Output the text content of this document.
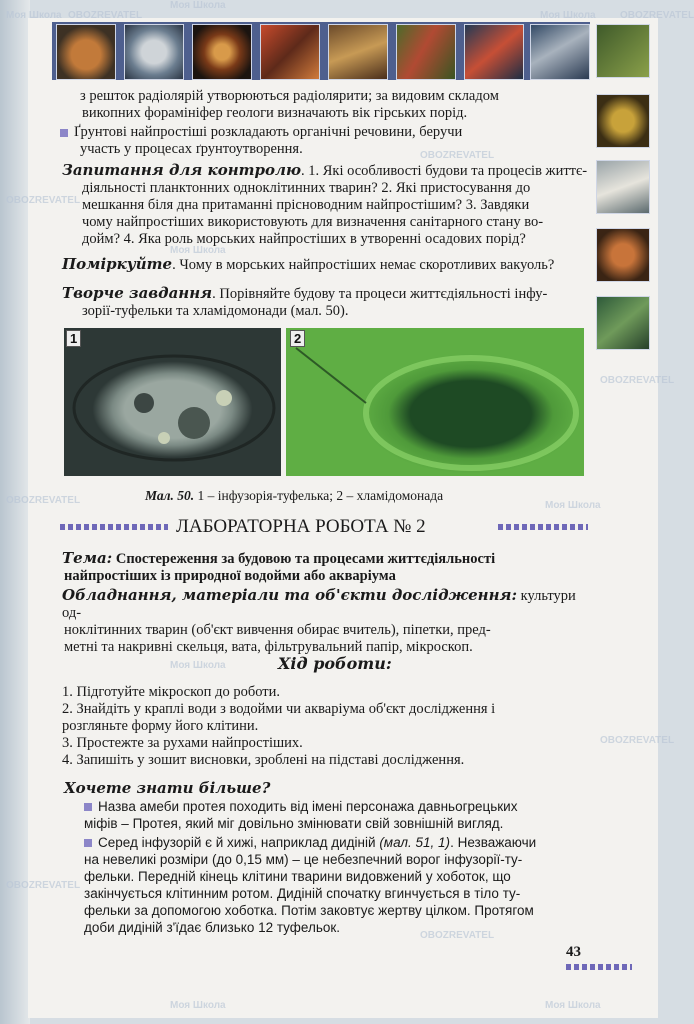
Моя Школа OBOZREVATEL
Моя Школа
Моя Школа OBOZREVATEL
OBOZREVATEL
OBOZREVATEL
Моя Школа
OBOZREVATEL
OBOZREVATEL	Моя Школа
Моя Школа
OBOZREVATEL
OBOZREVATEL
OBOZREVATEL
Моя Школа	Моя Школа
з решток радіолярій утворюються радіолярити; за видовим складом
викопних форамініфер геологи визначають вік гірських порід.
Ґрунтові найпростіші розкладають органічні речовини, беручи
участь у процесах ґрунтоутворення.
Запитання для контролю. 1. Які особливості будови та процесів життє-
діяльності планктонних одноклітинних тварин? 2. Які пристосування до
мешкання біля дна притаманні прісноводним найпростішим? 3. Завдяки
чому найпростіших використовують для визначення санітарного стану во-
дойм? 4. Яка роль морських найпростіших в утворенні осадових порід?
Поміркуйте. Чому в морських найпростіших немає скоротливих вакуоль?
Творче завдання. Порівняйте будову та процеси життєдіяльності інфу-
зорії-туфельки та хламідомонади (мал. 50).
1	2
Мал. 50. 1 – інфузорія-туфелька; 2 – хламідомонада
ЛАБОРАТОРНА РОБОТА № 2
Тема: Спостереження за будовою та процесами життєдіяльності
найпростіших із природної водойми або акваріума
Обладнання, матеріали та об'єкти дослідження: культури од-
ноклітинних тварин (об'єкт вивчення обирає вчитель), піпетки, пред-
метні та накривні скельця, вата, фільтрувальний папір, мікроскоп.
Хід роботи:
1. Підготуйте мікроскоп до роботи.
2. Знайдіть у краплі води з водойми чи акваріума об'єкт дослідження і
розгляньте форму його клітини.
3. Простежте за рухами найпростіших.
4. Запишіть у зошит висновки, зроблені на підставі дослідження.
Хочете знати більше?
Назва амеби протея походить від імені персонажа давньогрецьких
міфів – Протея, який міг довільно змінювати свій зовнішній вигляд.
Серед інфузорій є й хижі, наприклад дидіній (мал. 51, 1). Незважаючи
на невеликі розміри (до 0,15 мм) – це небезпечний ворог інфузорії-ту-
фельки. Передній кінець клітини тварини видовжений у хоботок, що
закінчується клітинним ротом. Дидіній спочатку вгинчується в тіло ту-
фельки за допомогою хоботка. Потім заковтує жертву цілком. Протягом
доби дидіній з'їдає близько 12 туфельок.
43
